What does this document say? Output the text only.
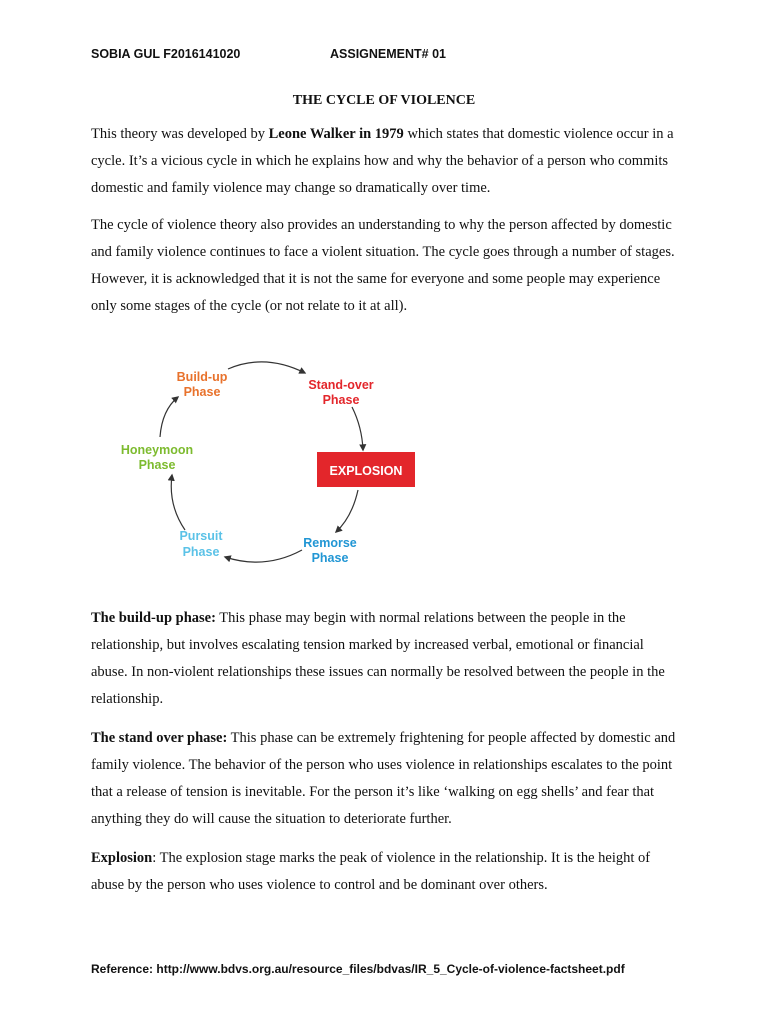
SOBIA GUL F2016141020	ASSIGNEMENT# 01
THE CYCLE OF VIOLENCE

This theory was developed by Leone Walker in 1979 which states that domestic violence occur in a cycle. It’s a vicious cycle in which he explains how and why the behavior of a person who commits domestic and family violence may change so dramatically over time.

The cycle of violence theory also provides an understanding to why the person affected by domestic and family violence continues to face a violent situation. The cycle goes through a number of stages. However, it is acknowledged that it is not the same for everyone and some people may experience only some stages of the cycle (or not relate to it at all).

Build-up
Phase	Stand-over
Phase
EXPLOSION
Remorse
Phase
Pursuit
Phase
Honeymoon
Phase

The build-up phase: This phase may begin with normal relations between the people in the relationship, but involves escalating tension marked by increased verbal, emotional or financial abuse. In non-violent relationships these issues can normally be resolved between the people in the relationship.

The stand over phase: This phase can be extremely frightening for people affected by domestic and family violence. The behavior of the person who uses violence in relationships escalates to the point that a release of tension is inevitable. For the person it’s like ‘walking on egg shells’ and fear that anything they do will cause the situation to deteriorate further.

Explosion: The explosion stage marks the peak of violence in the relationship. It is the height of abuse by the person who uses violence to control and be dominant over others.

Reference: http://www.bdvs.org.au/resource_files/bdvas/IR_5_Cycle-of-violence-factsheet.pdf
